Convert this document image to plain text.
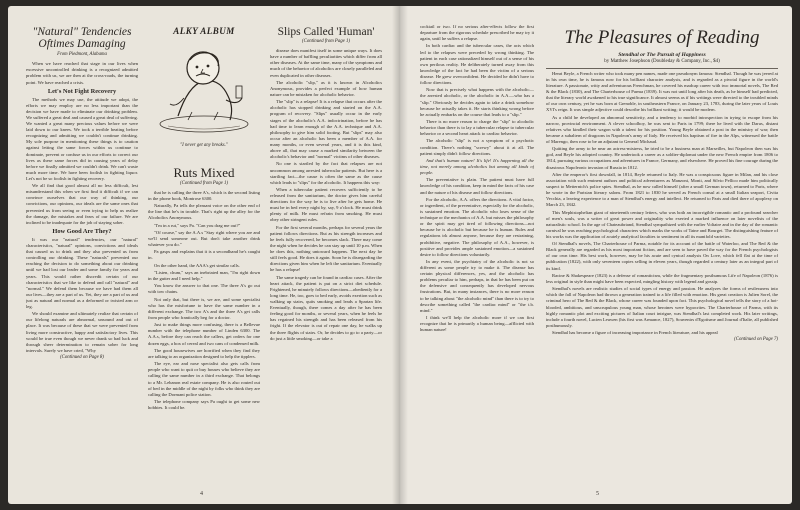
"Natural" Tendencies Oftimes Damaging
From Piedmont, Alabama

When we have reached that stage in our lives when excessive uncontrolled drinking is a recognized admitted problem with us, we are then at the cross-roads, the turning point. We have reached a crisis.

Let's Not Fight Recovery

The methods we may use, the attitude we adopt, the efforts we may employ are no less important than the decision we have made to eliminate our drinking problem. We suffered a great deal and caused a great deal of suffering. We wanted a great many precious values before we were laid down to our knees. We took a terrible beating before recognizing and admitting we couldn't continue drinking. My sole purpose in mentioning these things is to caution against letting the same forces within us continue to dominate, prevent or confuse us in our efforts to correct our lives as these same forces did in causing years of delay before we finally admitted we couldn't drink. We can't waste much more time. We have been foolish in fighting liquor. Let's not be so foolish in fighting recovery.

We all find that good almost all no less difficult, lest misunderstand this when we first find it difficult if we can convince ourselves that our way of thinking, our convictions, our opinions, our ideals are the same ones that prevented us from seeing or even trying to help us realize the damage, the mistakes and fears of our failure. We are inclined to be inadequate for the job of staying sober.

How Good Are They?

It was our "natural" tendencies, our "natural" characteristics, "natural" opinions, convictions and ideals that caused us to drink and they also prevented us from controlling our drinking. These "naturals" prevented our reaching the decision to do something about our drinking until we had lost our leader and some family for years and years. This would rather discredit certain of our characteristics that we like to defend and call "natural" and "normal." We defend them because we have had them all our lives—they are a part of us. Yet, they are a part of us and just as natural and normal as a deformed or twisted arm or leg.

We should examine and ultimately realize that certain of our lifelong naturals are abnormal, unsound and out of place. It was because of these that we were prevented from living more constructive, happy and satisfactory lives. This would be true even though we never drank so bad luck and through sheer determination to remain sober for long intervals. Surely we have cried, "Why

(Continued on Page 8)
ALKY ALBUM
"I never get any breaks."
Ruts Mixed
(Continued from Page 1)

that he is calling the three A's, which is the second listing in the phone book, Montrose 6300.

Naturally, Pa tells the pleasant voice on the other end of the line that he's in trouble. That's right up the alley for the Alcoholics Anonymous.

"I'm in a rut," says Pa. "Can you drag me out?"

"Of course," say the A.A.s "Stay right where you are and we'll send someone out. But don't take another drink whatever you do."

Pa gasps and explains that it is a secondhand he's caught in.

On the other hand, the AAA's get similar calls.

"Listen, chum," says an inebriated man, "I'm right down in the gutter and I need help."

You know the answer to that one. The three A's go out with tow chains.

Not only that, but there is, we are, and some specialist who has the misfortune to have the same number in a different exchange. The two A's and the three A's get calls from people who frantically beg for a doctor.

Just to make things more confusing, there is a Bellevue number with the telephone number of Linden 6300. The A.A.s, before they can reach the callers, get orders for one dozen eggs, a box of cereal and two cans of condensed milk.

The good housewives are horrified when they find they are talking to an organization designed to help the tipplers.

The eye, ear and nose specialist also gets calls from people who want to quit or buy houses who believe they are calling the same number in a third exchange. That belongs to a Mr. Lebanon real estate company. He is also routed out of bed in the middle of the night by folks who think they are calling the Dormant police station.

The telephone company says Pa ought to get some new hobbies. It could be.

Slips Called 'Human'
(Continued from Page 1)

disease does manifest itself in some unique ways. It does have a number of baffling peculiarities which differ from all other diseases. At the same time, many of the symptoms and much of the behavior of alcoholics are closely paralleled and even duplicated in other diseases.

The alcoholic "slip," as it is known in Alcoholics Anonymous, provides a perfect example of how human nature can be mistaken for alcoholic behavior.

The "slip" is a relapse! It is a relapse that occurs after the alcoholic has stopped drinking and started on the A.A. program of recovery. "Slips" usually occur in the early stages of the alcoholic's A.A. indoctrination, before he has had time to learn enough of the A.A. technique and A.A. philosophy to give him solid footing. But "slips" may also occur after an alcoholic has been a member of A.A. for many months, or even several years, and it is this kind, above all, that may cause a marked similarity between the alcoholic's behavior and "normal" victims of other diseases.

No one is startled by the fact that relapses are not uncommon among arrested tubercular patients. But here is a startling fact—the cause is often the same as the cause which leads to "slips" for the alcoholic. It happens this way:

When a tubercular patient recovers sufficiently to be released from the sanitarium, the doctor gives him careful directions for the way he is to live after he gets home. He must be in bed every night by, say, 9 o'clock. He must drink plenty of milk. He must refrain from smoking. He must obey other stringent rules.

For the first several months, perhaps for several years the patient follows directions. But as his strength increases and he feels fully recovered, he becomes slack. There may come the night when he decides he can stay up until 10 p.m. When he does this, nothing untoward happens. The next day he still feels good. He does it again. Soon he is disregarding the directions given him when he left the sanitarium. Eventually he has a relapse!

The same tragedy can be found in cardiac cases. After the heart attack, the patient is put on a strict diet schedule. Frightened, he minutely follows directions—obediently for a long time. He, too, goes to bed early, avoids exertion such as walking up stairs, quits smoking and leads a Spartan life. Eventually, though, there comes a day after he has been feeling good for months, or several years, when he feels he has regained his strength and has been released from his fright. If the elevator is out of repair one day, he walks up the three flights of stairs. Or, he decides to go to a party—or do just a little smoking—or take a

4

cocktail or two. If no serious after-effects follow the first departure from the rigorous schedule prescribed he may try it again, until he suffers a relapse.

In both cardiac and the tubercular cases, the acts which led to the relapses were preceded by wrong thinking. The patient in each case rationalized himself out of a sense of his own perilous reality. He deliberately turned away from this knowledge of the fact he had been the victim of a serious disease. He grew overconfident. He decided he didn't have to follow directions.

Now that is precisely what happens with the alcoholic—the arrested alcoholic, or the alcoholic in A.A.—who has a "slip." Obviously he decides again to take a drink somehow because he actually takes it. He starts thinking wrong before he actually embarks on the course that leads to a "slip."

There is no more reason to charge the "slip" to alcoholic behavior than there is to lay a tubercular relapse to tubercular behavior or a second heart attack to cardiac behavior.

The alcoholic "slip" is not a symptom of a psychotic condition. There's nothing "screwy" about it at all. The patient simply didn't follow directions.

And that's human nature! It's life! It's happening all the time, not merely among alcoholics but among all kinds of people.

The preventative is plain. The patient must have full knowledge of his condition, keep in mind the facts of his case and the nature of his disease and follow directions.

For the alcoholic, A.A. offers the directions. A vital factor, or ingredient, of the preventative, especially for the alcoholic, is sustained emotion. The alcoholic who loses sense of the technique or the mechanics of A.A. but misses the philosophy or the spirit may get tired of following directions—not because he is alcoholic but because he is human. Rules and regulations irk almost anyone, because they are restraining, prohibitive, negative. The philosophy of A.A., however, is positive and provides ample sustained emotion—a sustained desire to follow directions voluntarily.

In any event, the psychiatry of the alcoholic is not so different as some people try to make it. The disease has certain physical differences, yes, and the alcoholic has problems peculiar to him, perhaps, in that he has been put on the defensive and consequently has developed nervous frustrations. But, in many instances, there is no more reason to be talking about "the alcoholic mind" than there is to try to describe something called "the cardiac mind" or "the t.b. mind."

I think we'll help the alcoholic more if we can first recognize that he is primarily a human being—afflicted with human nature!

The Pleasures of Reading
Stendhal or The Pursuit of Happiness
by Matthew Josephson (Doubleday & Company, Inc., $4)

Henri Beyle, a French writer who took many pen names, made one pseudonym famous: Stendhal. Though he was jeered at in his own time, he is famous now for his brilliant character analysis, and is regarded as a pivotal figure in the world's literature. A passionate, witty and adventurous Frenchman, he covered his madcap career with two immortal novels, The Red & the Black (1830), and The Charterhouse of Parma (1839). It was not until long after his death, as he himself had predicted, that the literary world awakened to his true significance. It almost seems as if his writings were directed to the troubled minds of our own century, yet he was born at Grenoble, in southeastern France, on January 23, 1783, during the later years of Louis XVI's reign. It was simple adjective could describe his brilliant writing; it would be modern.

As a child he developed an abnormal sensitivity, and a tendency to morbid introspection in trying to escape from his narrow, provincial environment. A clever schoolboy, he was sent to Paris in 1799; there he lived with the Darus, distant relatives who kindled their wagon with a talent for his position. Young Beyle obtained a post in the ministry of war; then became a subaltern of dragoons in Napoleon's army of Italy. He received his baptism of fire in the Alps, witnessed the battle of Marengo, then rose to be an adjutant to General Michaud.

Quitting the army to be near an actress-mistress, he tried to be a business man at Marseilles, but Napoleon then was his god, and Beyle his adopted country. He undertook a career as a soldier-diplomat under the new French empire from 1806 to 1814, pursuing various occupations and adventures in France, Germany, and elsewhere. He proved his fine courage during the disastrous Napoleonic invasion of Russia in 1812.

After the emperor's first downfall, in 1814, Beyle returned to Italy. He was a conspicuous figure in Milan, and his close association with such eminent authors and political adventurers as Manzoni, Monti, and Silvio Pellico made him politically suspect to Metternich's police spies. Stendhal, as he now called himself (after a small German town), returned to Paris, where he wrote in the Parisian literary salons. From 1821 to 1830 he served as French consul at a small Italian seaport, Civita Vecchia, a leaving experience to a man of Stendhal's energy and intellect. He returned to Paris and died there of apoplexy on March 23, 1842.

This Mephistophelian giant of nineteenth century letters, who was both an incorrigible romantic and a profound searcher of men's souls, was a writer of great power and originality who exerted a marked influence on later novelists of the naturalistic school. In the age of Chateaubriand, Stendhal sympathized with the earlier Voltaire and in the day of the romantic carnival he was reaching psychological characters which marks the works of Taine and Bourget. The distinguishing feature of his works was the application of acutely analytical faculties to sentiment in all its manifold varieties.

Of Stendhal's novels, The Charterhouse of Parma, notable for its account of the battle of Waterloo, and The Red & the Black generally are regarded as his most important fiction, and are seen to have paved the way for the French psychologists of our own time. His best work, however, may be his acute and cynical analysis On Love, which fell flat at the time of publication (1822), with only seventeen copies selling in eleven years, though regarded a century later as an integral part of its kind.

Racine & Shakespeare (1823) is a defense of romanticism, while the fragmentary posthumous Life of Napoleon (1876) is less original in style than might have been expected, mingling history with legend and gossip.

Stendhal's novels are realistic studies of social types of energy and passion. He analyzes the forms of restlessness into which the fall of Napoleon had thrown a generation trained to a life filled with emotion. His great creation is Julien Sorel, the criminal hero of The Red & the Black, whose career was founded upon fact. This psychological novel tells the story of a hot-blooded, ambitious, and unscrupulous young man, whose heroines were hypocrites. The Charterhouse of Parma, with its highly romantic plot and exciting pictures of Italian court intrigue, was Stendhal's last completed work. His later writings, include a fourth novel, Lucien Leuwen (his first was Armance, 1827), Souvenirs d'Egotisme and Journal d'Italie, all published posthumously.

Stendhal has become a figure of increasing importance in French literature, and his appeal

(Continued on Page 7)
5
